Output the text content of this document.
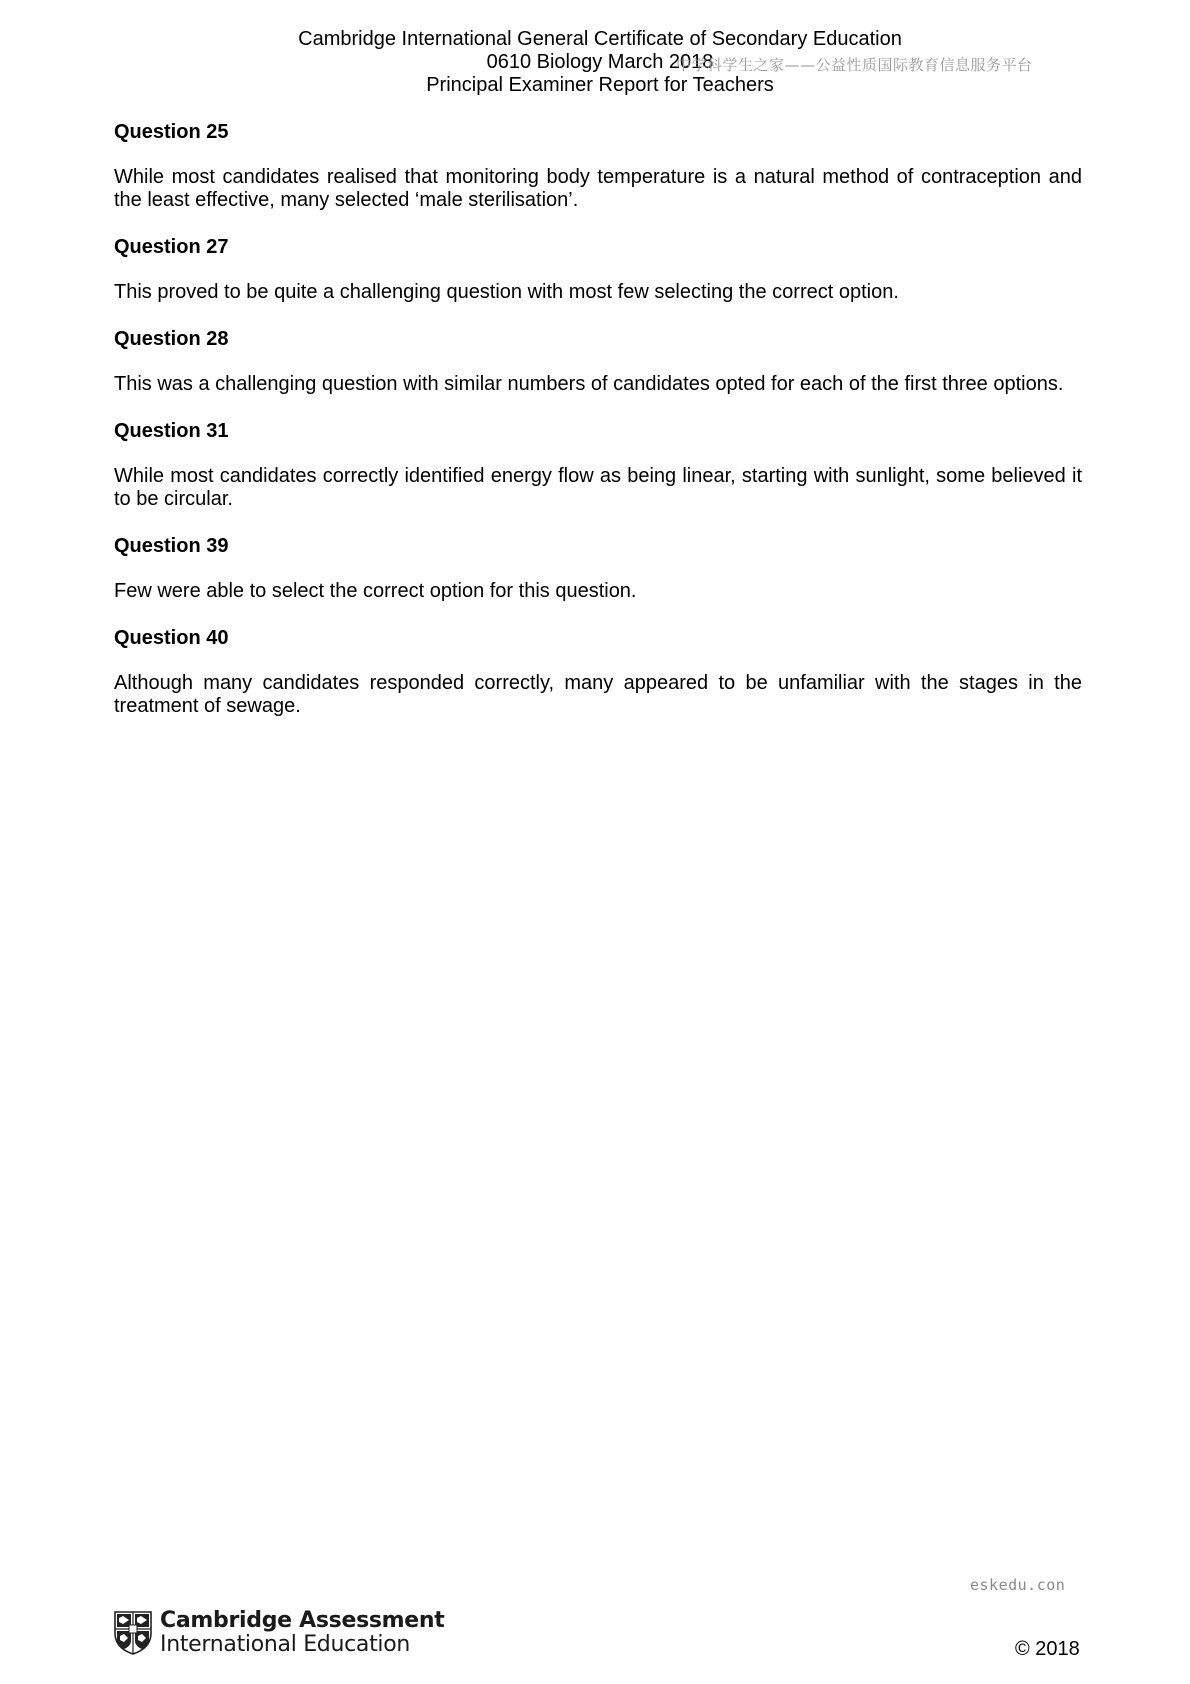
Cambridge International General Certificate of Secondary Education
0610 Biology March 2018
Principal Examiner Report for Teachers
中学科学生之家——公益性质国际教育信息服务平台
Question 25
While most candidates realised that monitoring body temperature is a natural method of contraception and the least effective, many selected ‘male sterilisation’.
Question 27
This proved to be quite a challenging question with most few selecting the correct option.
Question 28
This was a challenging question with similar numbers of candidates opted for each of the first three options.
Question 31
While most candidates correctly identified energy flow as being linear, starting with sunlight, some believed it to be circular.
Question 39
Few were able to select the correct option for this question.
Question 40
Although many candidates responded correctly, many appeared to be unfamiliar with the stages in the treatment of sewage.
eskedu.con
Cambridge Assessment
International Education	© 2018
